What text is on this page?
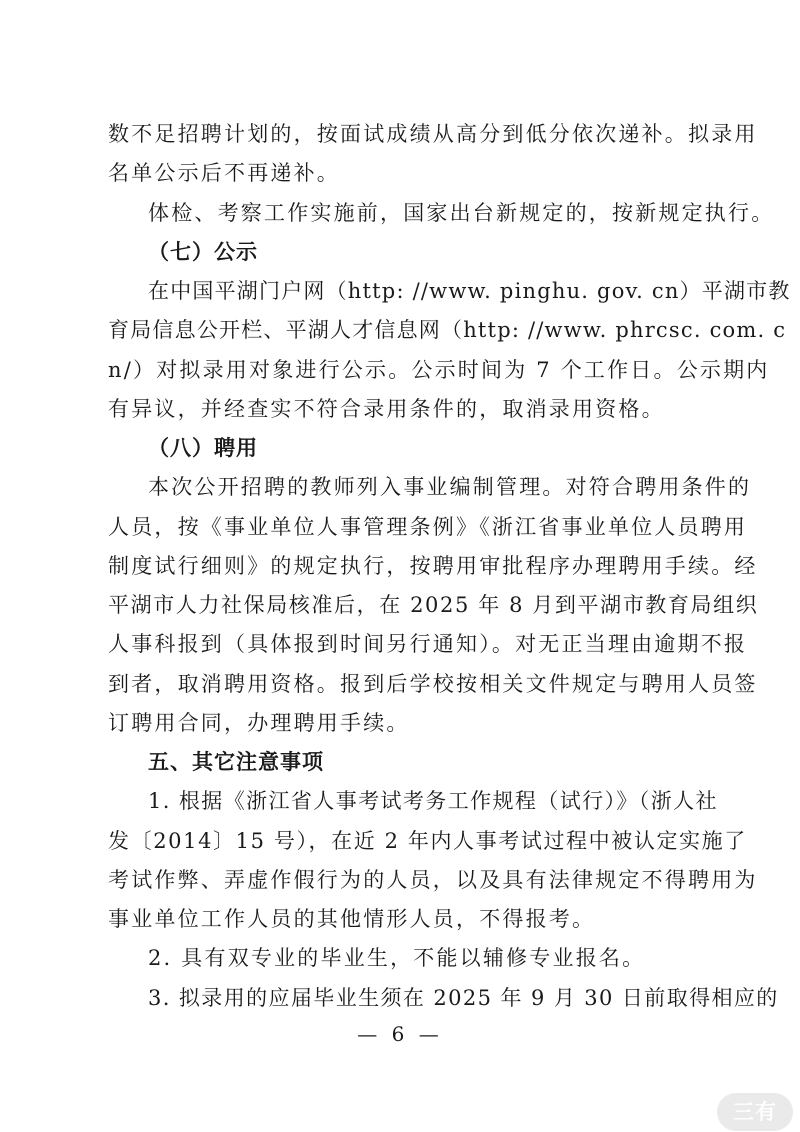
数不足招聘计划的，按面试成绩从高分到低分依次递补。拟录用
名单公示后不再递补。
体检、考察工作实施前，国家出台新规定的，按新规定执行。
（七）公示
在中国平湖门户网（http: //www. pinghu. gov. cn）平湖市教
育局信息公开栏、平湖人才信息网（http: //www. phrcsc. com. c
n/）对拟录用对象进行公示。公示时间为 7 个工作日。公示期内
有异议，并经查实不符合录用条件的，取消录用资格。
（八）聘用
本次公开招聘的教师列入事业编制管理。对符合聘用条件的
人员，按《事业单位人事管理条例》《浙江省事业单位人员聘用
制度试行细则》的规定执行，按聘用审批程序办理聘用手续。经
平湖市人力社保局核准后，在 2025 年 8 月到平湖市教育局组织
人事科报到（具体报到时间另行通知）。对无正当理由逾期不报
到者，取消聘用资格。报到后学校按相关文件规定与聘用人员签
订聘用合同，办理聘用手续。
五、其它注意事项
1. 根据《浙江省人事考试考务工作规程（试行）》（浙人社
发〔2014〕15 号），在近 2 年内人事考试过程中被认定实施了
考试作弊、弄虚作假行为的人员，以及具有法律规定不得聘用为
事业单位工作人员的其他情形人员，不得报考。
2. 具有双专业的毕业生，不能以辅修专业报名。
3. 拟录用的应届毕业生须在 2025 年 9 月 30 日前取得相应的
— 6 —
三有
